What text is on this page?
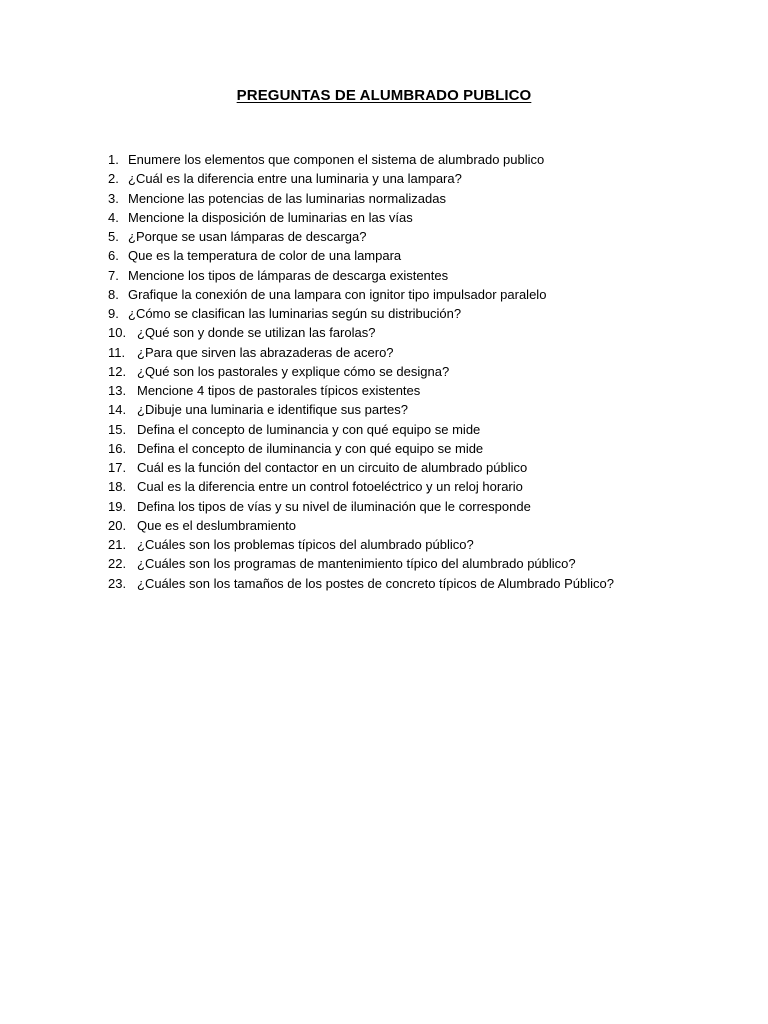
PREGUNTAS DE ALUMBRADO PUBLICO
1. Enumere los elementos que componen el sistema de alumbrado publico
2. ¿Cuál es la diferencia entre una luminaria y una lampara?
3. Mencione las potencias de las luminarias normalizadas
4. Mencione la disposición de luminarias en las vías
5. ¿Porque se usan lámparas de descarga?
6. Que es la temperatura de color de una lampara
7. Mencione los tipos de lámparas de descarga existentes
8. Grafique la conexión de una lampara con ignitor tipo impulsador paralelo
9. ¿Cómo se clasifican las luminarias según su distribución?
10. ¿Qué son y donde se utilizan las farolas?
11. ¿Para que sirven las abrazaderas de acero?
12. ¿Qué son los pastorales y explique cómo se designa?
13. Mencione 4 tipos de pastorales típicos existentes
14. ¿Dibuje una luminaria e identifique sus partes?
15. Defina el concepto de luminancia y con qué equipo se mide
16. Defina el concepto de iluminancia y con qué equipo se mide
17. Cuál es la función del contactor en un circuito de alumbrado público
18. Cual es la diferencia entre un control fotoeléctrico y un reloj horario
19. Defina los tipos de vías y su nivel de iluminación que le corresponde
20. Que es el deslumbramiento
21. ¿Cuáles son los problemas típicos del alumbrado público?
22. ¿Cuáles son los programas de mantenimiento típico del alumbrado público?
23. ¿Cuáles son los tamaños de los postes de concreto típicos de Alumbrado Público?
